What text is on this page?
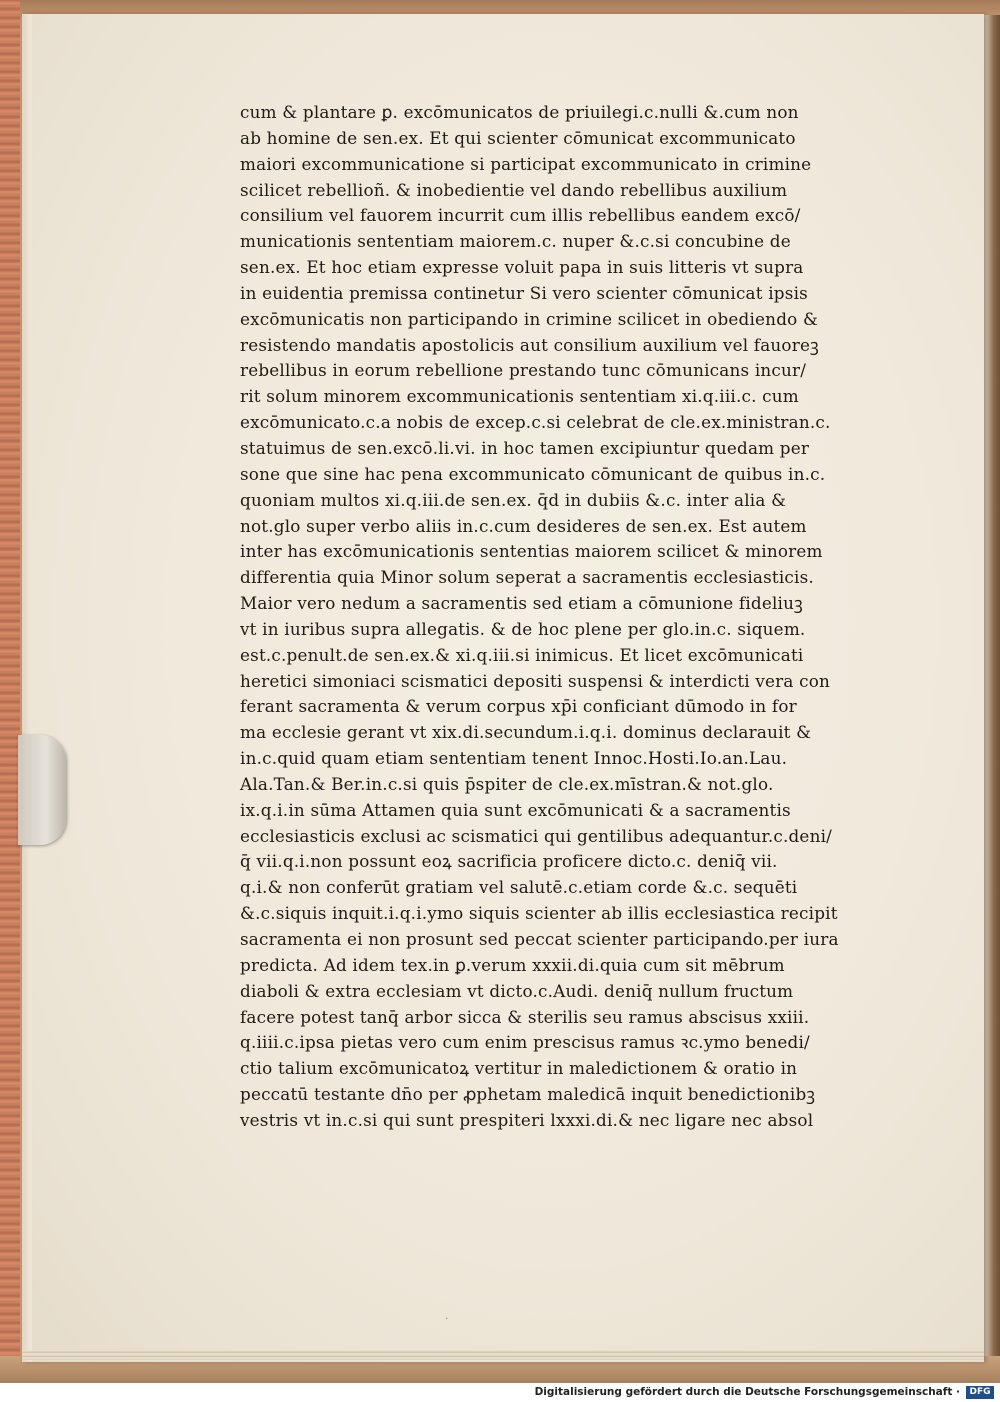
cum & plantare ꝑ. excōmunicatos de priuilegi.c.nulli &.cum non
ab homine de sen.ex. Et qui scienter cōmunicat excommunicato
maiori excommunicatione si participat excommunicato in crimine
scilicet rebellioñ. & inobedientie vel dando rebellibus auxilium
consilium vel fauorem incurrit cum illis rebellibus eandem excō/
municationis sententiam maiorem.c. nuper &.c.si concubine de
sen.ex. Et hoc etiam expresse voluit papa in suis litteris vt supra
in euidentia premissa continetur Si vero scienter cōmunicat ipsis
excōmunicatis non participando in crimine scilicet in obediendo &
resistendo mandatis apostolicis aut consilium auxilium vel fauoreꝫ
rebellibus in eorum rebellione prestando tunc cōmunicans incur/
rit solum minorem excommunicationis sententiam xi.q.iii.c. cum
excōmunicato.c.a nobis de excep.c.si celebrat de cle.ex.ministran.c.
statuimus de sen.excō.li.vi. in hoc tamen excipiuntur quedam per
sone que sine hac pena excommunicato cōmunicant de quibus in.c.
quoniam multos xi.q.iii.de sen.ex. q̄d in dubiis &.c. inter alia &
not.glo super verbo aliis in.c.cum desideres de sen.ex. Est autem
inter has excōmunicationis sententias maiorem scilicet & minorem
differentia quia Minor solum seperat a sacramentis ecclesiasticis.
Maior vero nedum a sacramentis sed etiam a cōmunione fideliuꝫ
vt in iuribus supra allegatis. & de hoc plene per glo.in.c. siquem.
est.c.penult.de sen.ex.& xi.q.iii.si inimicus. Et licet excōmunicati
heretici simoniaci scismatici depositi suspensi & interdicti vera con
ferant sacramenta & verum corpus xp̄i conficiant dūmodo in for
ma ecclesie gerant vt xix.di.secundum.i.q.i. dominus declarauit &
in.c.quid quam etiam sententiam tenent Innoc.Hosti.Io.an.Lau.
Ala.Tan.& Ber.in.c.si quis p̄spiter de cle.ex.mīstran.& not.glo.
ix.q.i.in sūma Attamen quia sunt excōmunicati & a sacramentis
ecclesiasticis exclusi ac scismatici qui gentilibus adequantur.c.deni/
q̄ vii.q.i.non possunt eoꝝ sacrificia proficere dicto.c. deniq̄ vii.
q.i.& non conferūt gratiam vel salutē.c.etiam corde &.c. sequēti
&.c.siquis inquit.i.q.i.ymo siquis scienter ab illis ecclesiastica recipit
sacramenta ei non prosunt sed peccat scienter participando.per iura
predicta. Ad idem tex.in ꝑ.verum xxxii.di.quia cum sit mēbrum
diaboli & extra ecclesiam vt dicto.c.Audi. deniq̄ nullum fructum
facere potest tanq̄ arbor sicca & sterilis seu ramus abscisus xxiii.
q.iiii.c.ipsa pietas vero cum enim prescisus ramus ꝛc.ymo benedi/
ctio talium excōmunicatoꝝ vertitur in maledictionem & oratio in
peccatū testante dn̄o per ꝓphetam maledicā inquit benedictionibꝫ
vestris vt in.c.si qui sunt prespiteri lxxxi.di.& nec ligare nec absol
·
Digitalisierung gefördert durch die Deutsche Forschungsgemeinschaft ·	DFG
